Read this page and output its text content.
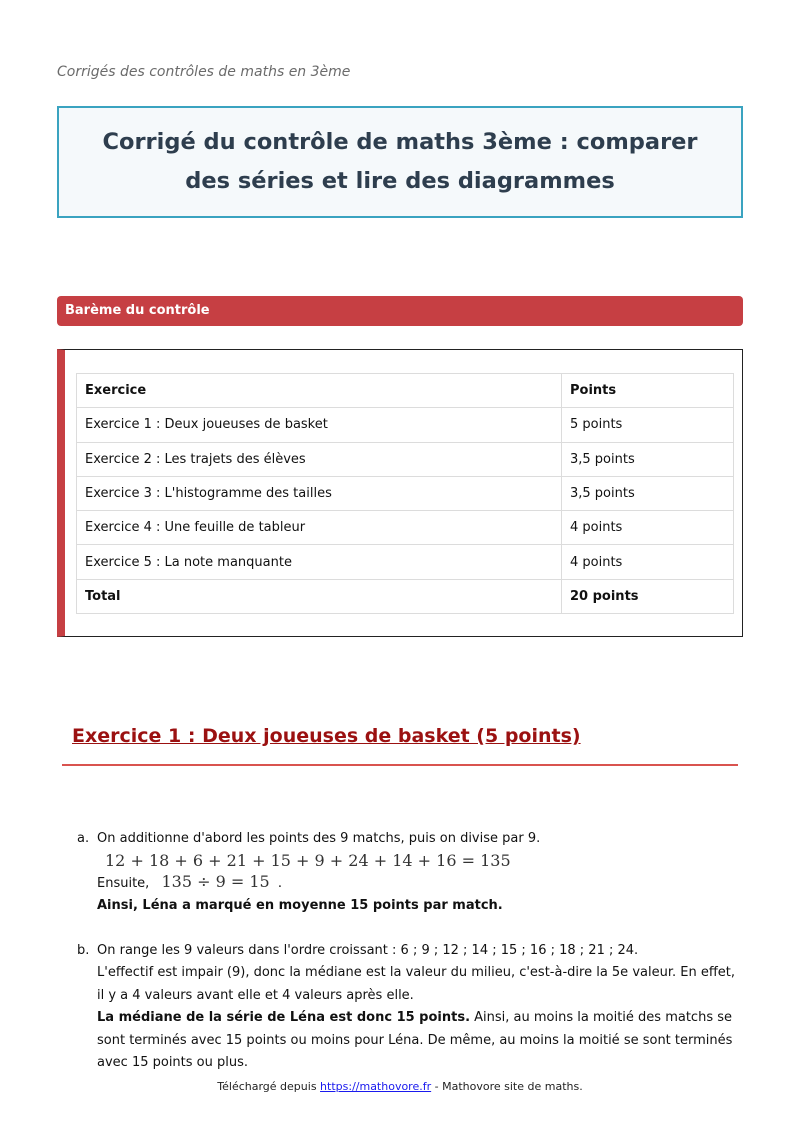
Corrigés des contrôles de maths en 3ème
Corrigé du contrôle de maths 3ème : comparer des séries et lire des diagrammes
Barème du contrôle
Exercice	Points
Exercice 1 : Deux joueuses de basket	5 points
Exercice 2 : Les trajets des élèves	3,5 points
Exercice 3 : L'histogramme des tailles	3,5 points
Exercice 4 : Une feuille de tableur	4 points
Exercice 5 : La note manquante	4 points
Total	20 points
Exercice 1 : Deux joueuses de basket (5 points)
a. On additionne d'abord les points des 9 matchs, puis on divise par 9.
12 + 18 + 6 + 21 + 15 + 9 + 24 + 14 + 16 = 135
Ensuite, 135 ÷ 9 = 15 .
Ainsi, Léna a marqué en moyenne 15 points par match.
b. On range les 9 valeurs dans l'ordre croissant : 6 ; 9 ; 12 ; 14 ; 15 ; 16 ; 18 ; 21 ; 24.
L'effectif est impair (9), donc la médiane est la valeur du milieu, c'est-à-dire la 5e valeur. En effet, il y a 4 valeurs avant elle et 4 valeurs après elle.
La médiane de la série de Léna est donc 15 points. Ainsi, au moins la moitié des matchs se sont terminés avec 15 points ou moins pour Léna. De même, au moins la moitié se sont terminés avec 15 points ou plus.
Téléchargé depuis https://mathovore.fr - Mathovore site de maths.
